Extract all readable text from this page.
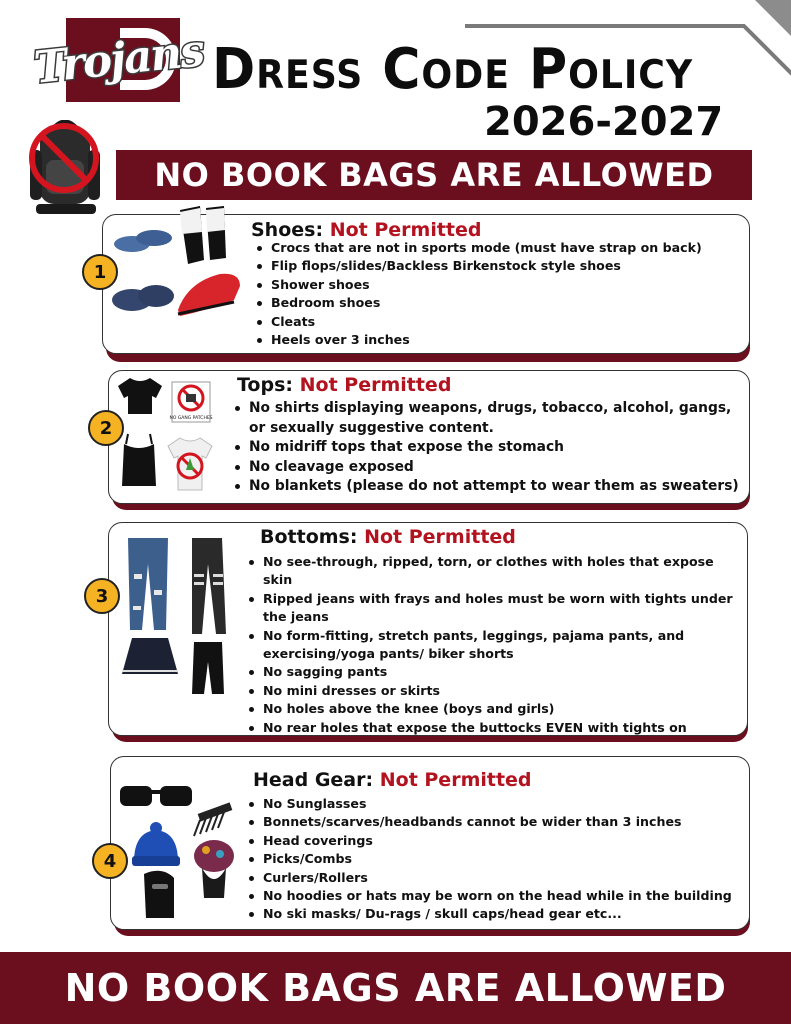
Trojans Dress Code Policy
2026-2027
NO BOOK BAGS ARE ALLOWED
Shoes: Not Permitted
Crocs that are not in sports mode (must have strap on back)
Flip flops/slides/Backless Birkenstock style shoes
Shower shoes
Bedroom shoes
Cleats
Heels over 3 inches
1
Tops: Not Permitted
No shirts displaying weapons, drugs, tobacco, alcohol, gangs, or sexually suggestive content.
No midriff tops that expose the stomach
No cleavage exposed
No blankets (please do not attempt to wear them as sweaters)
2	NO GANG PATCHES
Bottoms: Not Permitted
No see-through, ripped, torn, or clothes with holes that expose skin
Ripped jeans with frays and holes must be worn with tights under the jeans
No form-fitting, stretch pants, leggings, pajama pants, and exercising/yoga pants/ biker shorts
No sagging pants
No mini dresses or skirts
No holes above the knee (boys and girls)
No rear holes that expose the buttocks EVEN with tights on
3
Head Gear: Not Permitted
No Sunglasses
Bonnets/scarves/headbands cannot be wider than 3 inches
Head coverings
Picks/Combs
Curlers/Rollers
No hoodies or hats may be worn on the head while in the building
No ski masks/ Du-rags / skull caps/head gear etc...
4
NO BOOK BAGS ARE ALLOWED
